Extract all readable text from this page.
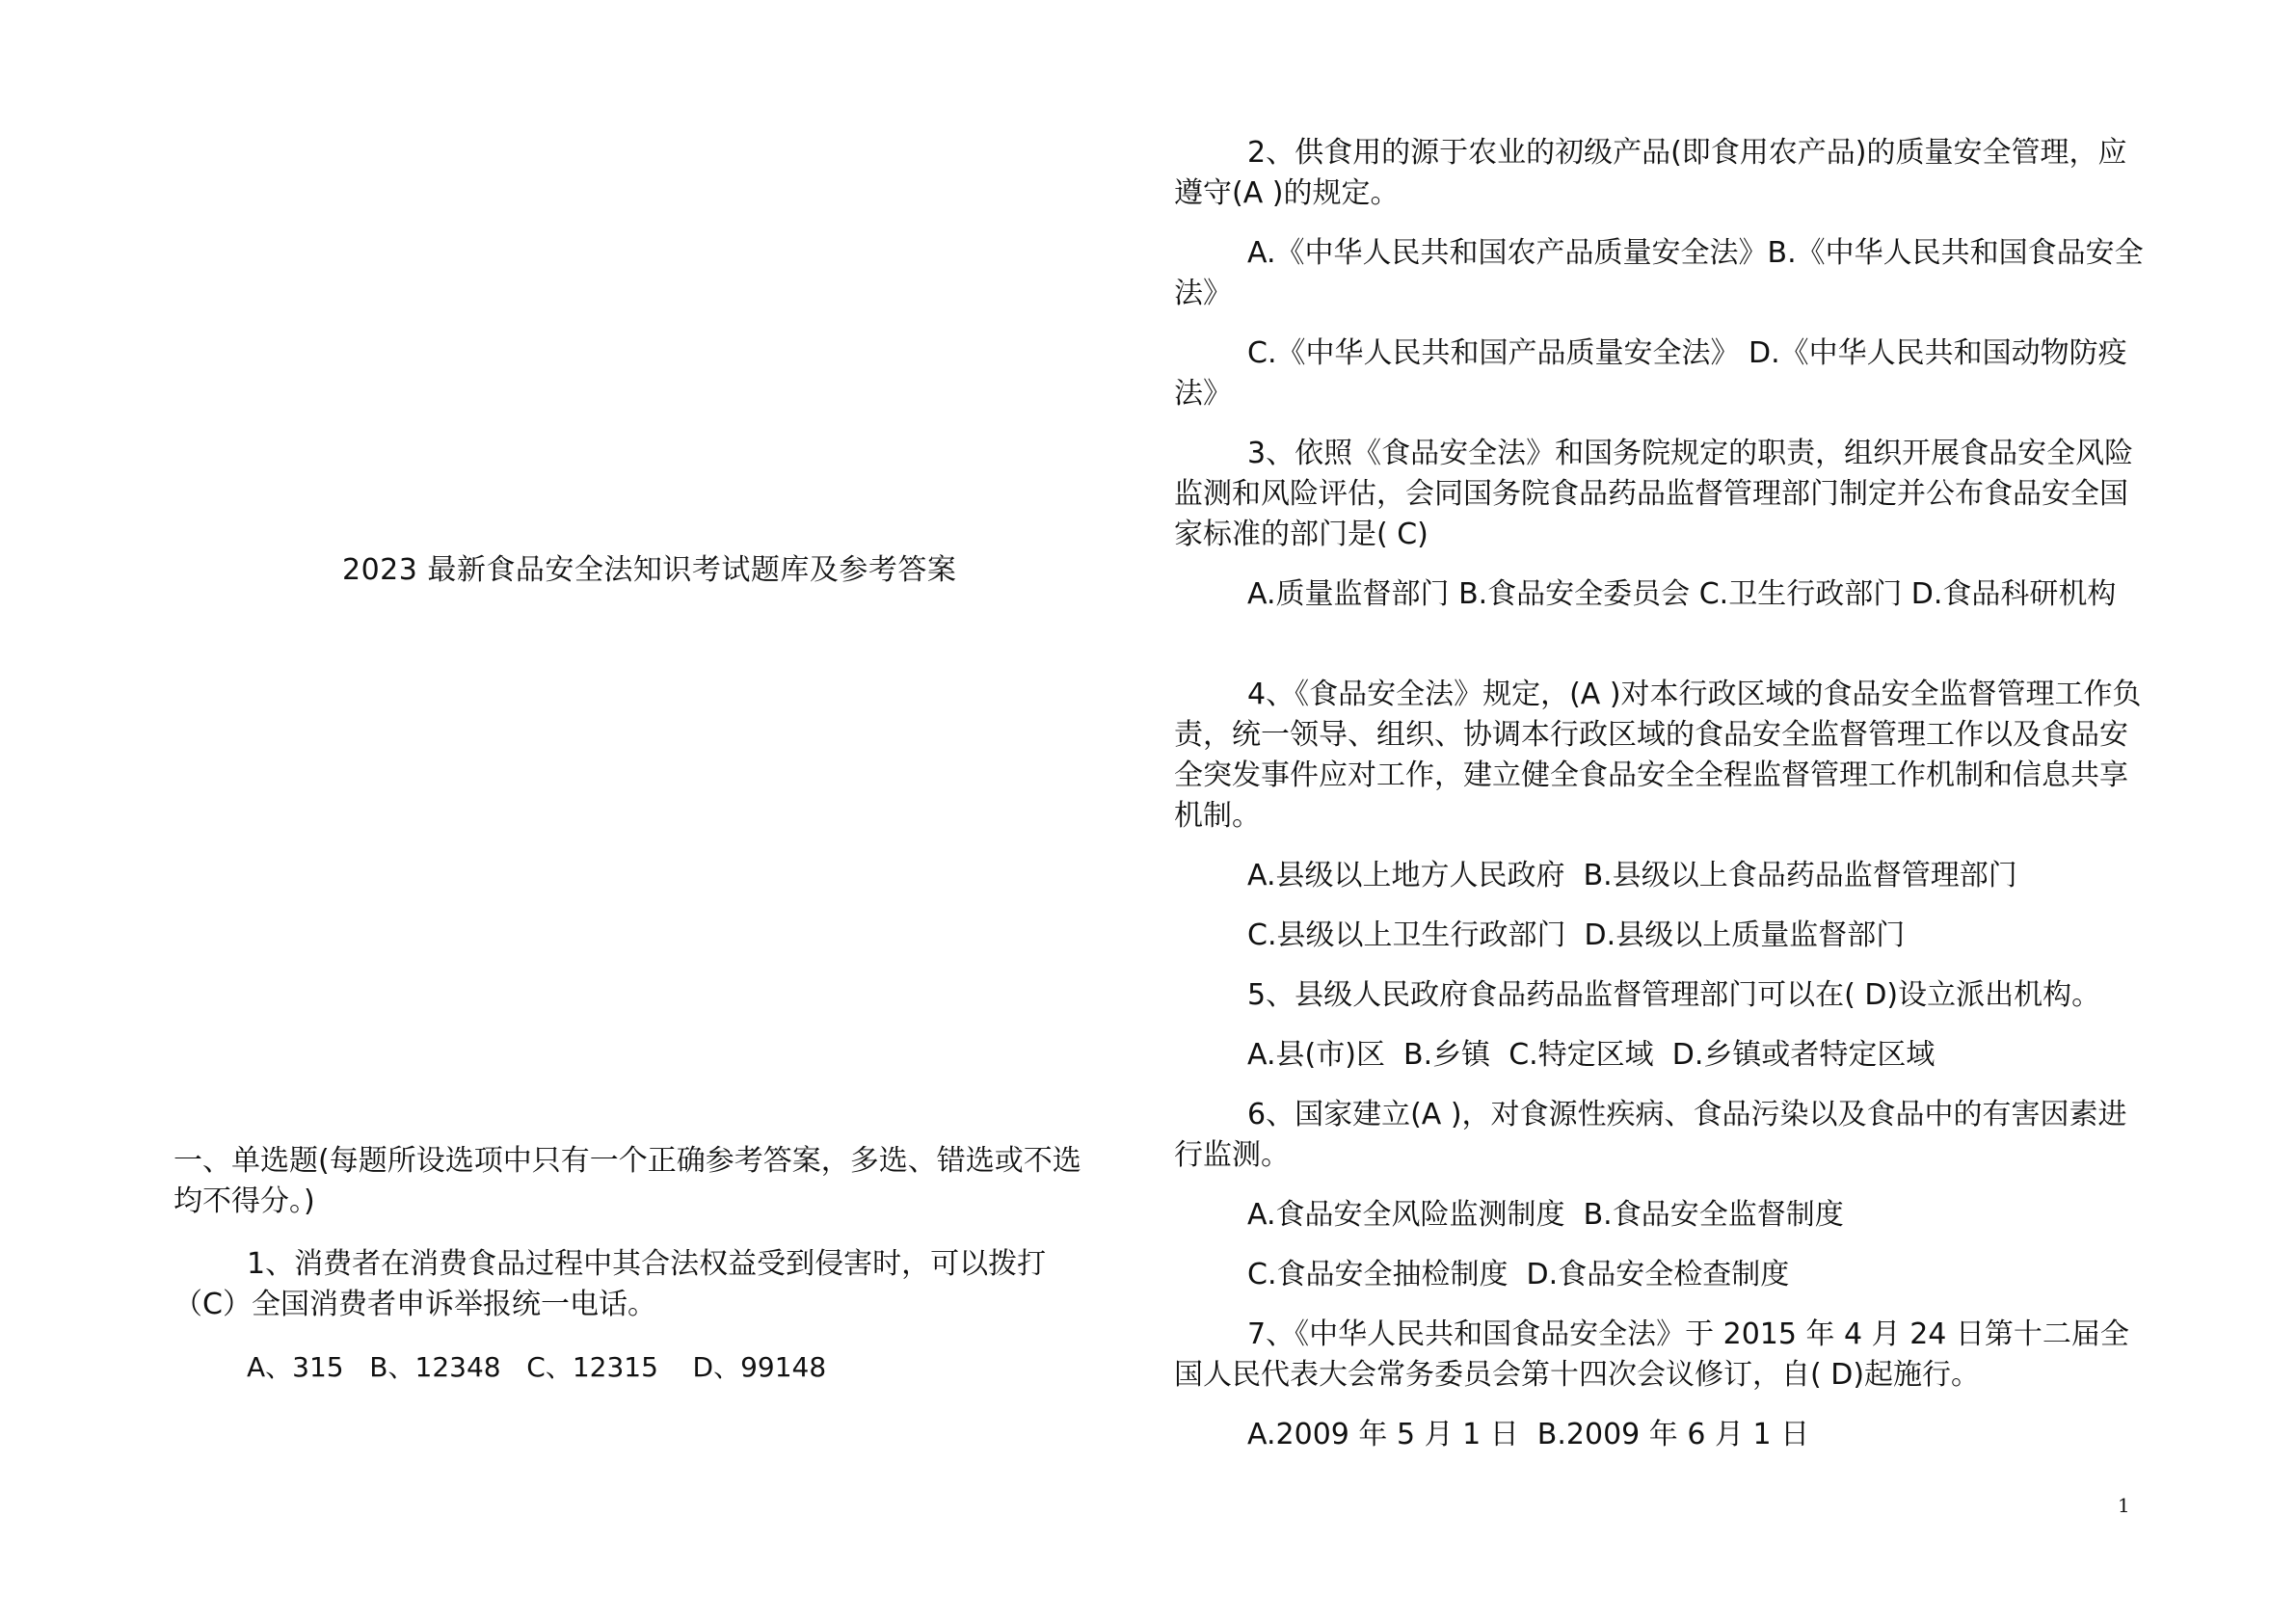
2023 最新食品安全法知识考试题库及参考答案
一、单选题(每题所设选项中只有一个正确参考答案，多选、错选或不选均不得分。)
1、消费者在消费食品过程中其合法权益受到侵害时，可以拨打（C）全国消费者申诉举报统一电话。
A、315   B、12348   C、12315    D、99148
2、供食用的源于农业的初级产品(即食用农产品)的质量安全管理，应遵守(A )的规定。
A.《中华人民共和国农产品质量安全法》B.《中华人民共和国食品安全法》
C.《中华人民共和国产品质量安全法》 D.《中华人民共和国动物防疫法》
3、依照《食品安全法》和国务院规定的职责，组织开展食品安全风险监测和风险评估，会同国务院食品药品监督管理部门制定并公布食品安全国家标准的部门是( C)
A.质量监督部门 B.食品安全委员会 C.卫生行政部门 D.食品科研机构
4、《食品安全法》规定，(A )对本行政区域的食品安全监督管理工作负责，统一领导、组织、协调本行政区域的食品安全监督管理工作以及食品安全突发事件应对工作，建立健全食品安全全程监督管理工作机制和信息共享机制。
A.县级以上地方人民政府  B.县级以上食品药品监督管理部门
C.县级以上卫生行政部门  D.县级以上质量监督部门
5、县级人民政府食品药品监督管理部门可以在( D)设立派出机构。
A.县(市)区  B.乡镇  C.特定区域  D.乡镇或者特定区域
6、国家建立(A )，对食源性疾病、食品污染以及食品中的有害因素进行监测。
A.食品安全风险监测制度  B.食品安全监督制度
C.食品安全抽检制度  D.食品安全检查制度
7、《中华人民共和国食品安全法》于 2015 年 4 月 24 日第十二届全国人民代表大会常务委员会第十四次会议修订，自( D)起施行。
A.2009 年 5 月 1 日  B.2009 年 6 月 1 日
1
